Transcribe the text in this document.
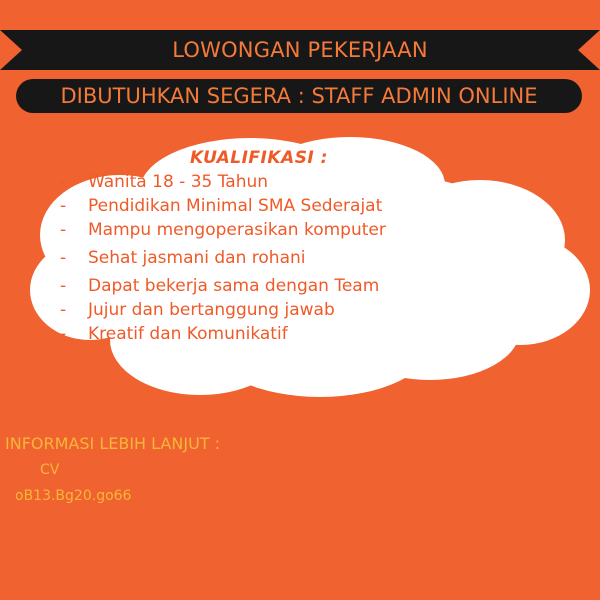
LOWONGAN PEKERJAAN
DIBUTUHKAN SEGERA : STAFF ADMIN ONLINE
KUALIFIKASI :
-	Wanita 18 - 35 Tahun
-	Pendidikan Minimal SMA Sederajat
-	Mampu mengoperasikan komputer
-	Sehat jasmani dan rohani
-	Dapat bekerja sama dengan Team
-	Jujur dan bertanggung jawab
-	Kreatif dan Komunikatif
INFORMASI LEBIH LANJUT :
CV
oB13.Bg20.go66
